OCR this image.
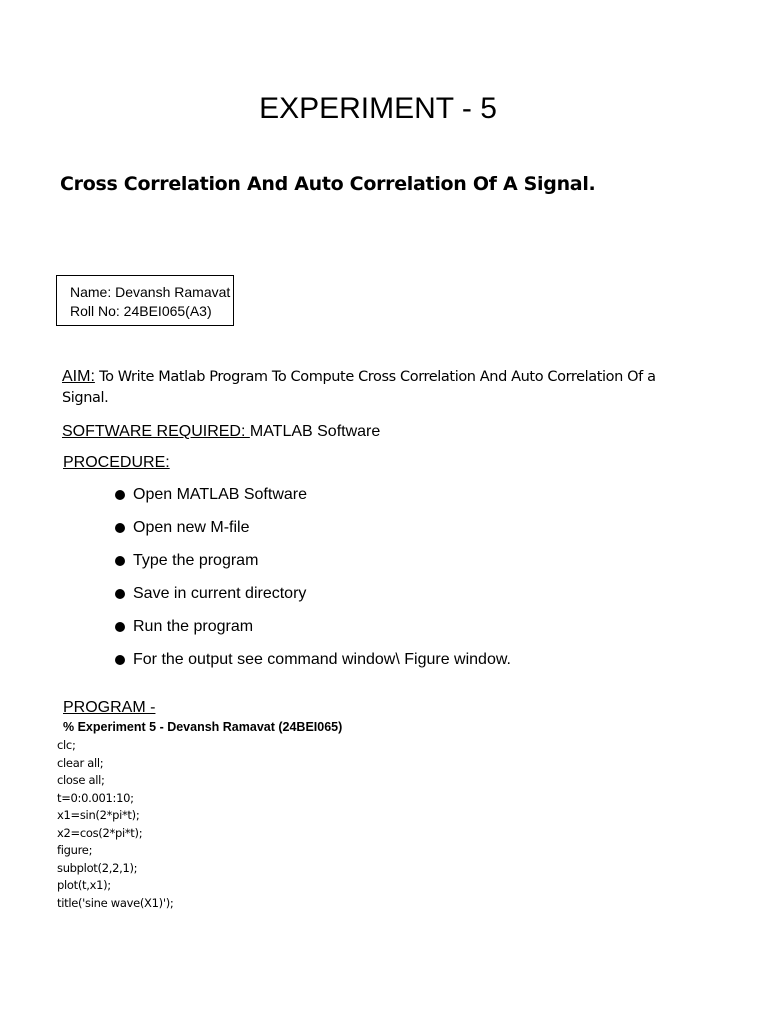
EXPERIMENT - 5
Cross Correlation And Auto Correlation Of A Signal.
Name: Devansh Ramavat
Roll No: 24BEI065(A3)
AIM: To Write Matlab Program To Compute Cross Correlation And Auto Correlation Of a Signal.
SOFTWARE REQUIRED: MATLAB Software
PROCEDURE:
Open MATLAB Software
Open new M-file
Type the program
Save in current directory
Run the program
For the output see command window\ Figure window.
PROGRAM -
% Experiment 5 - Devansh Ramavat (24BEI065)
clc;
clear all;
close all;
t=0:0.001:10;
x1=sin(2*pi*t);
x2=cos(2*pi*t);
figure;
subplot(2,2,1);
plot(t,x1);
title('sine wave(X1)');
